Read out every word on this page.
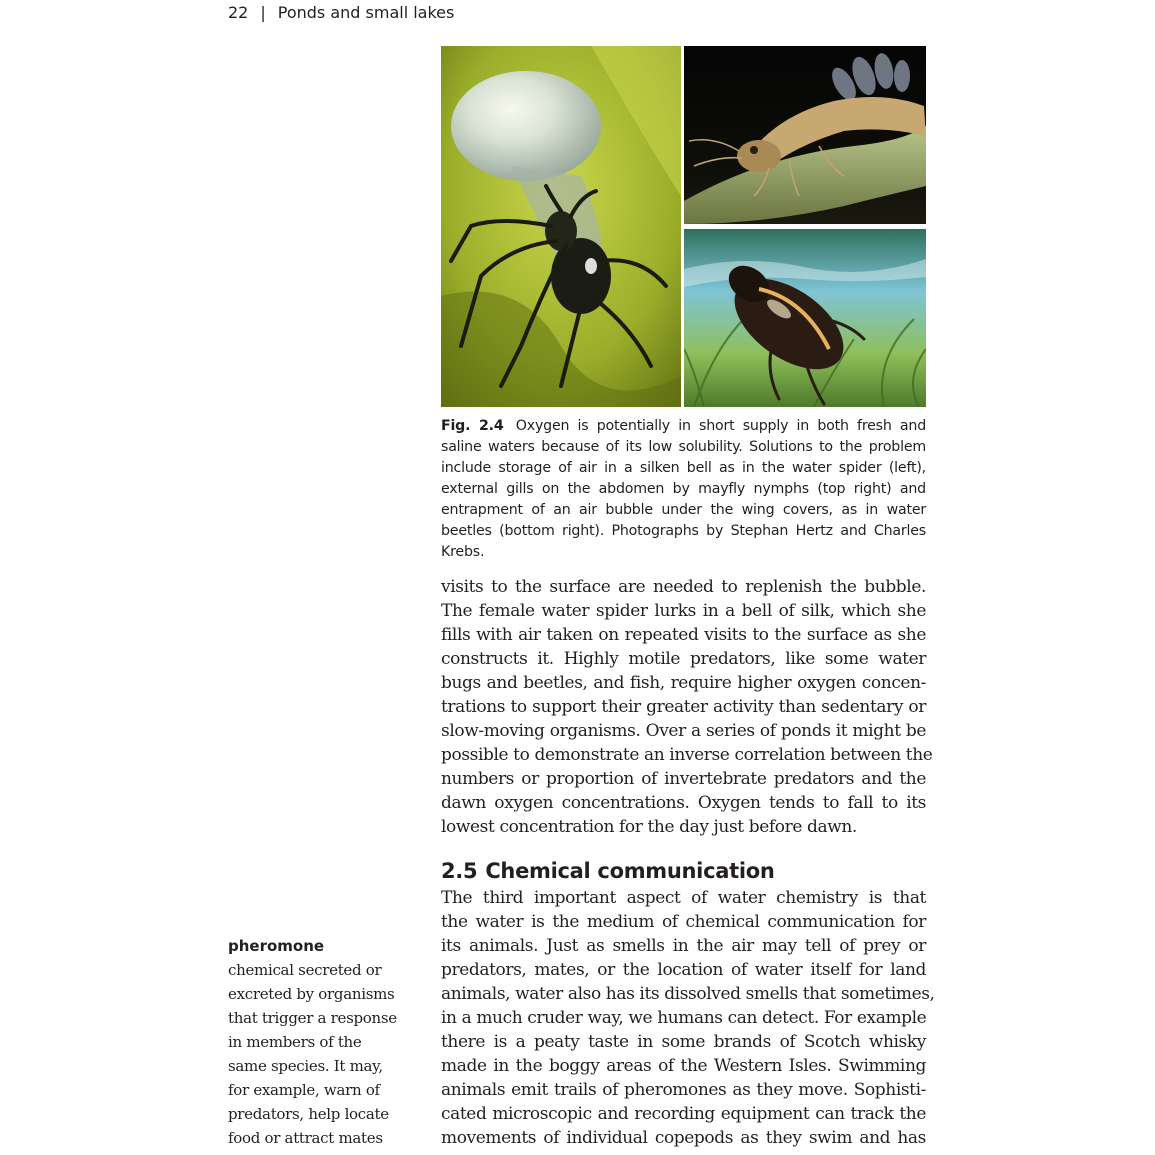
22 | Ponds and small lakes
Fig. 2.4 Oxygen is potentially in short supply in both fresh and saline waters because of its low solubility. Solutions to the problem include storage of air in a silken bell as in the water spider (left), external gills on the abdomen by mayfly nymphs (top right) and entrapment of an air bubble under the wing covers, as in water beetles (bottom right). Photographs by Stephan Hertz and Charles Krebs.
visits to the surface are needed to replenish the bubble.
The female water spider lurks in a bell of silk, which she
fills with air taken on repeated visits to the surface as she
constructs it. Highly motile predators, like some water
bugs and beetles, and fish, require higher oxygen concen-
trations to support their greater activity than sedentary or
slow-moving organisms. Over a series of ponds it might be
possible to demonstrate an inverse correlation between the
numbers or proportion of invertebrate predators and the
dawn oxygen concentrations. Oxygen tends to fall to its
lowest concentration for the day just before dawn.
2.5 Chemical communication
The third important aspect of water chemistry is that
the water is the medium of chemical communication for
its animals. Just as smells in the air may tell of prey or
predators, mates, or the location of water itself for land
animals, water also has its dissolved smells that sometimes,
in a much cruder way, we humans can detect. For example
there is a peaty taste in some brands of Scotch whisky
made in the boggy areas of the Western Isles. Swimming
animals emit trails of pheromones as they move. Sophisti-
cated microscopic and recording equipment can track the
movements of individual copepods as they swim and has
pheromone
chemical secreted or
excreted by organisms
that trigger a response
in members of the
same species. It may,
for example, warn of
predators, help locate
food or attract mates
